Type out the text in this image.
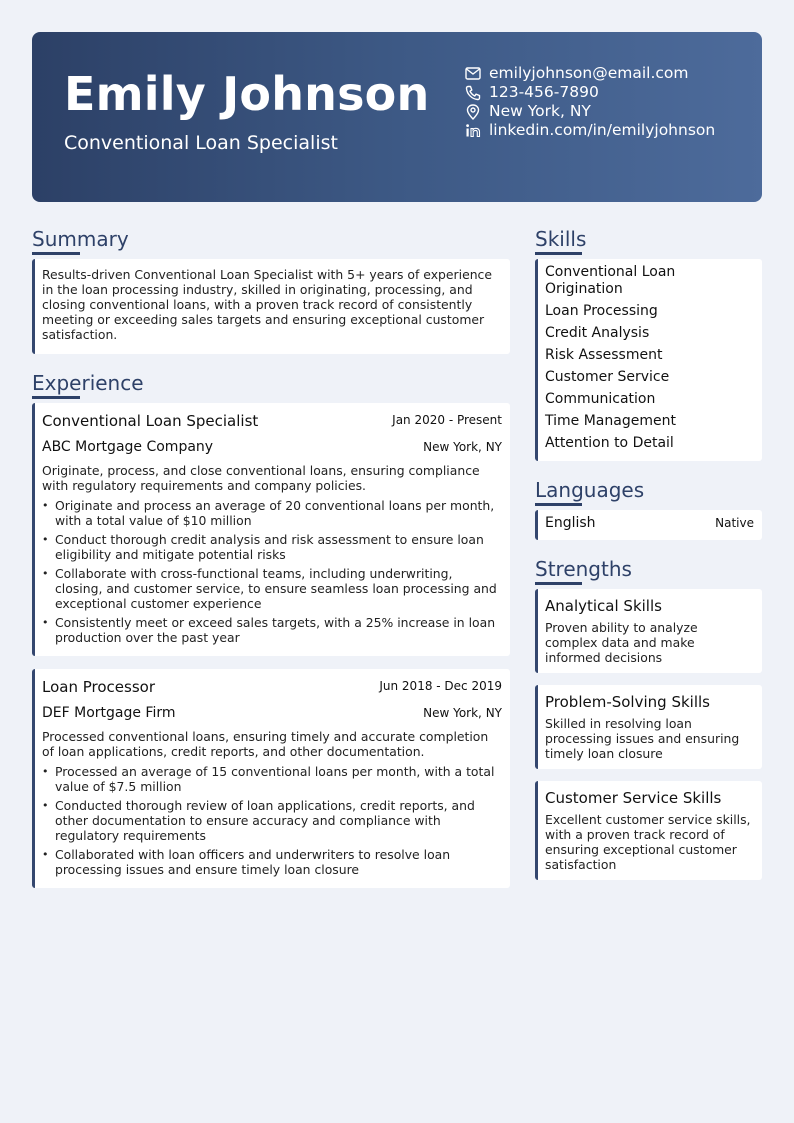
Emily Johnson
Conventional Loan Specialist
emilyjohnson@email.com
123-456-7890
New York, NY
linkedin.com/in/emilyjohnson
Summary
Results-driven Conventional Loan Specialist with 5+ years of experience in the loan processing industry, skilled in originating, processing, and closing conventional loans, with a proven track record of consistently meeting or exceeding sales targets and ensuring exceptional customer satisfaction.
Experience
Conventional Loan Specialist	Jan 2020 - Present
ABC Mortgage Company	New York, NY
Originate, process, and close conventional loans, ensuring compliance with regulatory requirements and company policies.
• Originate and process an average of 20 conventional loans per month, with a total value of $10 million
• Conduct thorough credit analysis and risk assessment to ensure loan eligibility and mitigate potential risks
• Collaborate with cross-functional teams, including underwriting, closing, and customer service, to ensure seamless loan processing and exceptional customer experience
• Consistently meet or exceed sales targets, with a 25% increase in loan production over the past year
Loan Processor	Jun 2018 - Dec 2019
DEF Mortgage Firm	New York, NY
Processed conventional loans, ensuring timely and accurate completion of loan applications, credit reports, and other documentation.
• Processed an average of 15 conventional loans per month, with a total value of $7.5 million
• Conducted thorough review of loan applications, credit reports, and other documentation to ensure accuracy and compliance with regulatory requirements
• Collaborated with loan officers and underwriters to resolve loan processing issues and ensure timely loan closure
Skills
Conventional Loan Origination
Loan Processing
Credit Analysis
Risk Assessment
Customer Service
Communication
Time Management
Attention to Detail
Languages
English	Native
Strengths
Analytical Skills
Proven ability to analyze complex data and make informed decisions
Problem-Solving Skills
Skilled in resolving loan processing issues and ensuring timely loan closure
Customer Service Skills
Excellent customer service skills, with a proven track record of ensuring exceptional customer satisfaction
